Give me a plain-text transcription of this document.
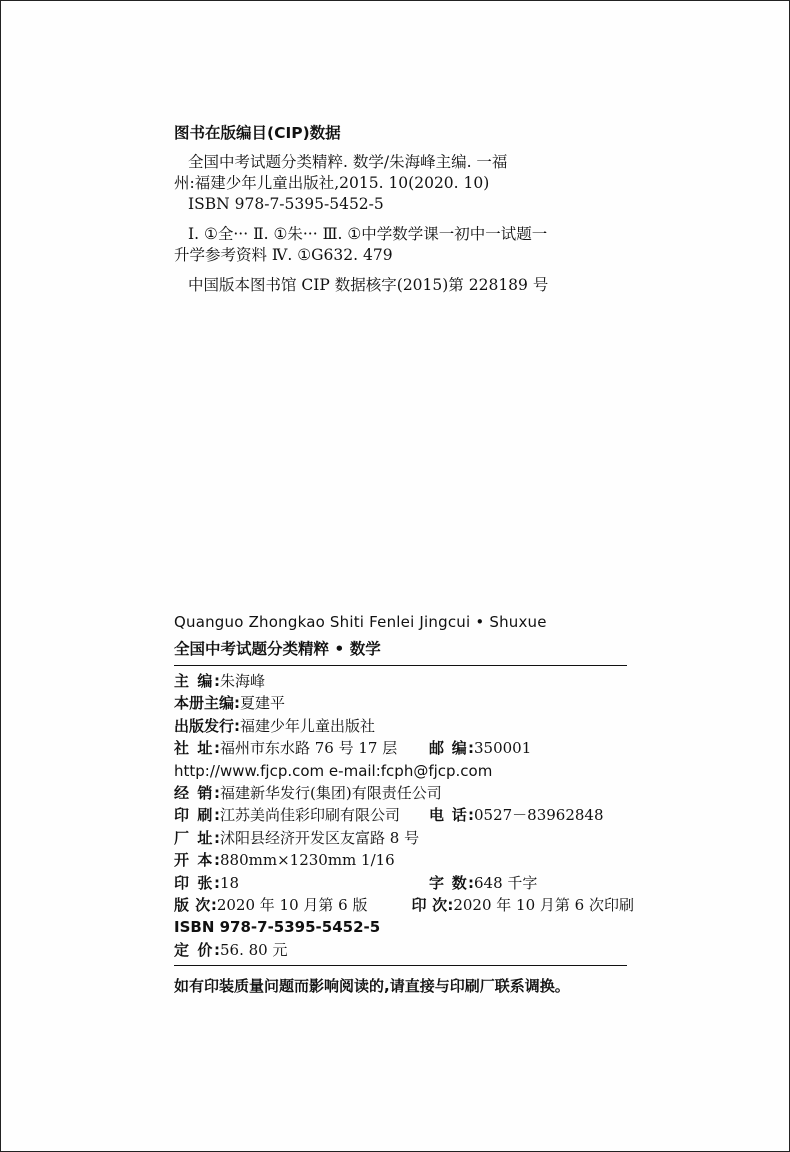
图书在版编目(CIP)数据
全国中考试题分类精粹. 数学/朱海峰主编. 一福
州:福建少年儿童出版社,2015. 10(2020. 10)
ISBN 978-7-5395-5452-5
Ⅰ. ①全··· Ⅱ. ①朱··· Ⅲ. ①中学数学课一初中一试题一
升学参考资料 Ⅳ. ①G632. 479
中国版本图书馆 CIP 数据核字(2015)第 228189 号
Quanguo Zhongkao Shiti Fenlei Jingcui • Shuxue
全国中考试题分类精粹 • 数学
主 编: 朱海峰
本册主编: 夏建平
出版发行: 福建少年儿童出版社
社 址: 福州市东水路 76 号 17 层	邮 编: 350001
http://www.fjcp.com e-mail:fcph@fjcp.com
经 销: 福建新华发行(集团)有限责任公司
印 刷: 江苏美尚佳彩印刷有限公司	电 话: 0527－83962848
厂 址: 沭阳县经济开发区友富路 8 号
开 本: 880mm×1230mm 1/16
印 张: 18	字 数: 648 千字
版 次: 2020 年 10 月第 6 版	印 次: 2020 年 10 月第 6 次印刷
ISBN 978-7-5395-5452-5
定 价: 56. 80 元
如有印装质量问题而影响阅读的,请直接与印刷厂联系调换。
